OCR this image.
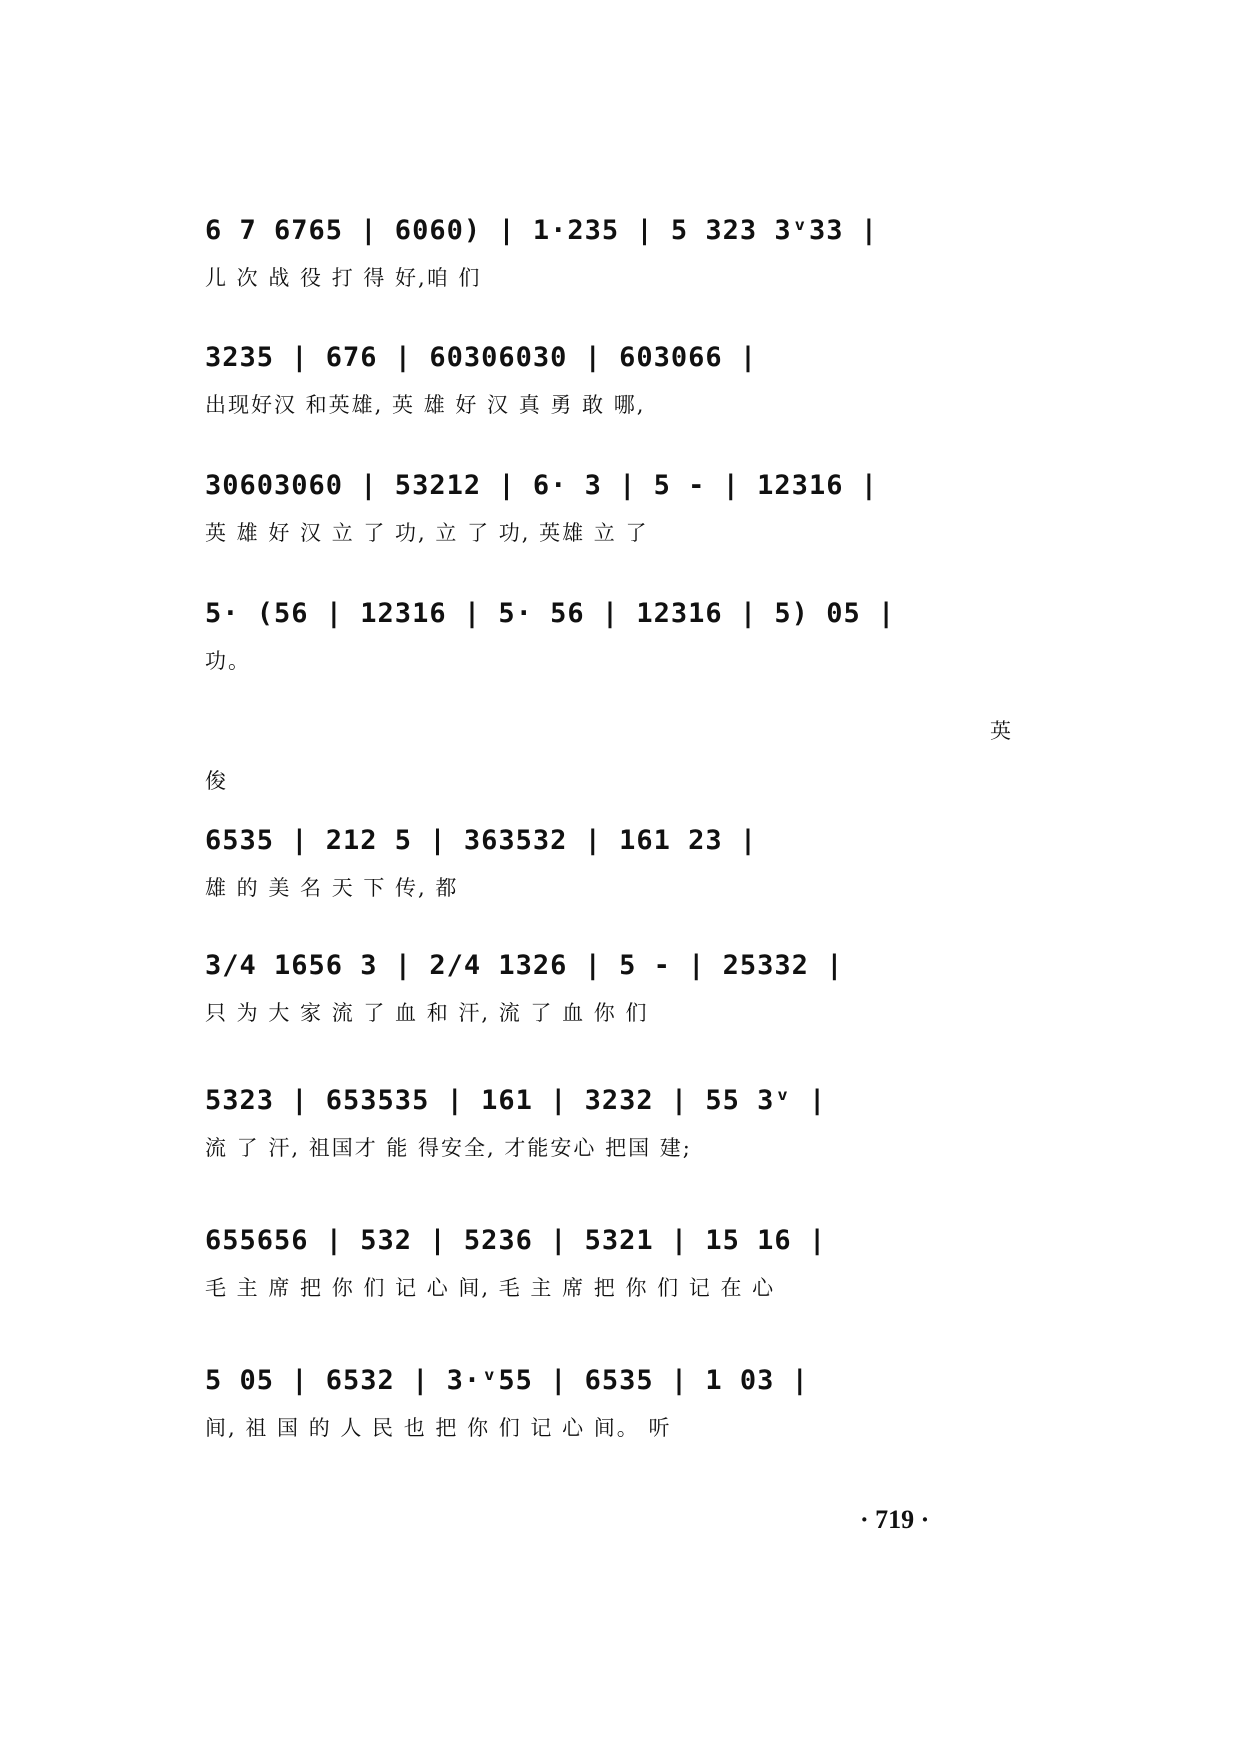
6 7 6765 | 6060) | 1·235 | 5 323 3ᵛ33 |
儿 次 战 役 打 得 好,咱 们
3235 | 676 | 60306030 | 603066 |
出现好汉 和英雄, 英 雄 好 汉 真 勇 敢 哪,
30603060 | 53212 | 6· 3 | 5 - | 12316 |
英 雄 好 汉 立 了 功, 立 了 功, 英雄 立 了
5· (56 | 12316 | 5· 56 | 12316 | 5) 05 |
功。
英
俊
6535 | 212 5 | 363532 | 161 23 |
雄 的 美 名 天 下 传, 都
3/4 1656 3 | 2/4 1326 | 5 - | 25332 |
只 为 大 家 流 了 血 和 汗, 流 了 血 你 们
5323 | 653535 | 161 | 3232 | 55 3ᵛ |
流 了 汗, 祖国才 能 得安全, 才能安心 把国 建;
655656 | 532 | 5236 | 5321 | 15 16 |
毛 主 席 把 你 们 记 心 间, 毛 主 席 把 你 们 记 在 心
5 05 | 6532 | 3·ᵛ55 | 6535 | 1 03 |
间, 祖 国 的 人 民 也 把 你 们 记 心 间。 听
· 719 ·
